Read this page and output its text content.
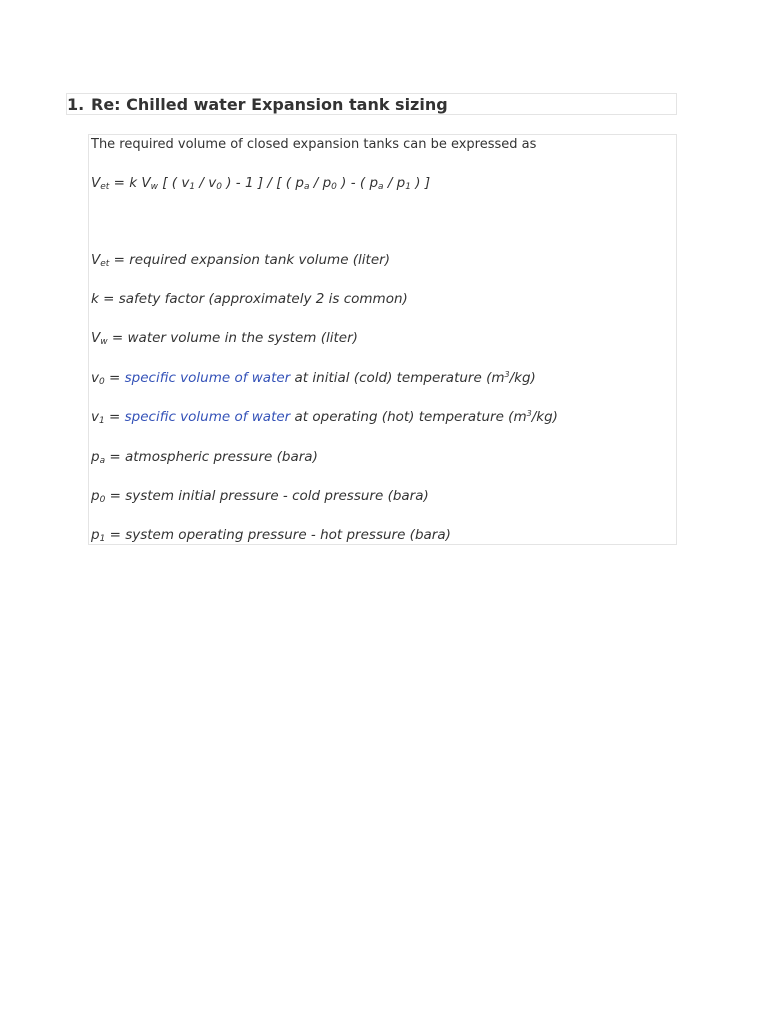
1. Re: Chilled water Expansion tank sizing
The required volume of closed expansion tanks can be expressed as
$V_{et} = k$ $V_w$ [ ( $v_1 / v_0$ ) - 1 ] / [ ( $p_a / p_0$ ) - ( $p_a / p_1$ ) ]
$V_{et}$ = required expansion tank volume (liter)
k = safety factor (approximately 2 is common)
$V_w$ = water volume in the system (liter)
$v_0$ = specific volume of water at initial (cold) temperature $(m^3/kg)$
$v_1$ = specific volume of water at operating (hot) temperature $(m^3/kg)$
$p_a$ = atmospheric pressure (bara)
$p_0$ = system initial pressure - cold pressure (bara)
$p_1$ = system operating pressure - hot pressure (bara)
